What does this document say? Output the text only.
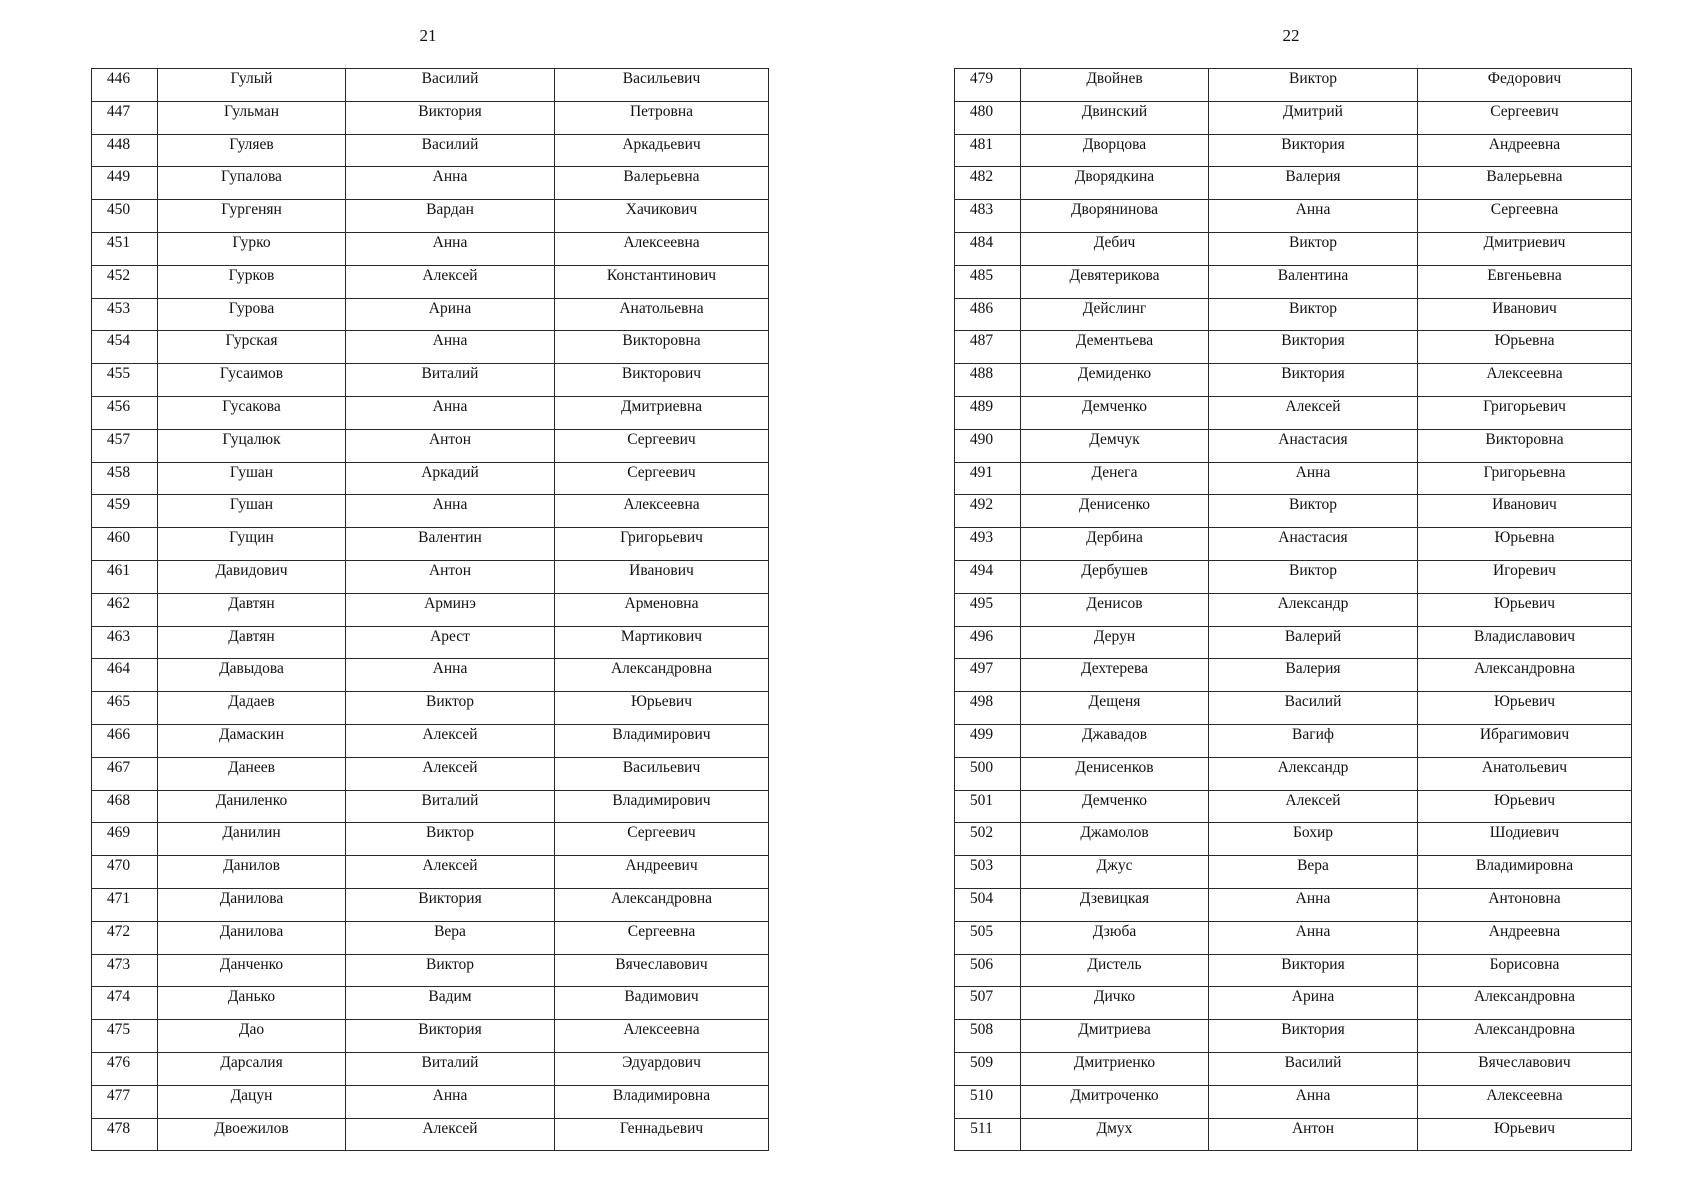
21
446	Гулый	Василий	Васильевич
447	Гульман	Виктория	Петровна
448	Гуляев	Василий	Аркадьевич
449	Гупалова	Анна	Валерьевна
450	Гургенян	Вардан	Хачикович
451	Гурко	Анна	Алексеевна
452	Гурков	Алексей	Константинович
453	Гурова	Арина	Анатольевна
454	Гурская	Анна	Викторовна
455	Гусаимов	Виталий	Викторович
456	Гусакова	Анна	Дмитриевна
457	Гуцалюк	Антон	Сергеевич
458	Гушан	Аркадий	Сергеевич
459	Гушан	Анна	Алексеевна
460	Гущин	Валентин	Григорьевич
461	Давидович	Антон	Иванович
462	Давтян	Арминэ	Арменовна
463	Давтян	Арест	Мартикович
464	Давыдова	Анна	Александровна
465	Дадаев	Виктор	Юрьевич
466	Дамаскин	Алексей	Владимирович
467	Данеев	Алексей	Васильевич
468	Даниленко	Виталий	Владимирович
469	Данилин	Виктор	Сергеевич
470	Данилов	Алексей	Андреевич
471	Данилова	Виктория	Александровна
472	Данилова	Вера	Сергеевна
473	Данченко	Виктор	Вячеславович
474	Данько	Вадим	Вадимович
475	Дао	Виктория	Алексеевна
476	Дарсалия	Виталий	Эдуардович
477	Дацун	Анна	Владимировна
478	Двоежилов	Алексей	Геннадьевич
22
479	Двойнев	Виктор	Федорович
480	Двинский	Дмитрий	Сергеевич
481	Дворцова	Виктория	Андреевна
482	Дворядкина	Валерия	Валерьевна
483	Дворянинова	Анна	Сергеевна
484	Дебич	Виктор	Дмитриевич
485	Девятерикова	Валентина	Евгеньевна
486	Дейслинг	Виктор	Иванович
487	Дементьева	Виктория	Юрьевна
488	Демиденко	Виктория	Алексеевна
489	Демченко	Алексей	Григорьевич
490	Демчук	Анастасия	Викторовна
491	Денега	Анна	Григорьевна
492	Денисенко	Виктор	Иванович
493	Дербина	Анастасия	Юрьевна
494	Дербушев	Виктор	Игоревич
495	Денисов	Александр	Юрьевич
496	Дерун	Валерий	Владиславович
497	Дехтерева	Валерия	Александровна
498	Дещеня	Василий	Юрьевич
499	Джавадов	Вагиф	Ибрагимович
500	Денисенков	Александр	Анатольевич
501	Демченко	Алексей	Юрьевич
502	Джамолов	Бохир	Шодиевич
503	Джус	Вера	Владимировна
504	Дзевицкая	Анна	Антоновна
505	Дзюба	Анна	Андреевна
506	Дистель	Виктория	Борисовна
507	Дичко	Арина	Александровна
508	Дмитриева	Виктория	Александровна
509	Дмитриенко	Василий	Вячеславович
510	Дмитроченко	Анна	Алексеевна
511	Дмух	Антон	Юрьевич
